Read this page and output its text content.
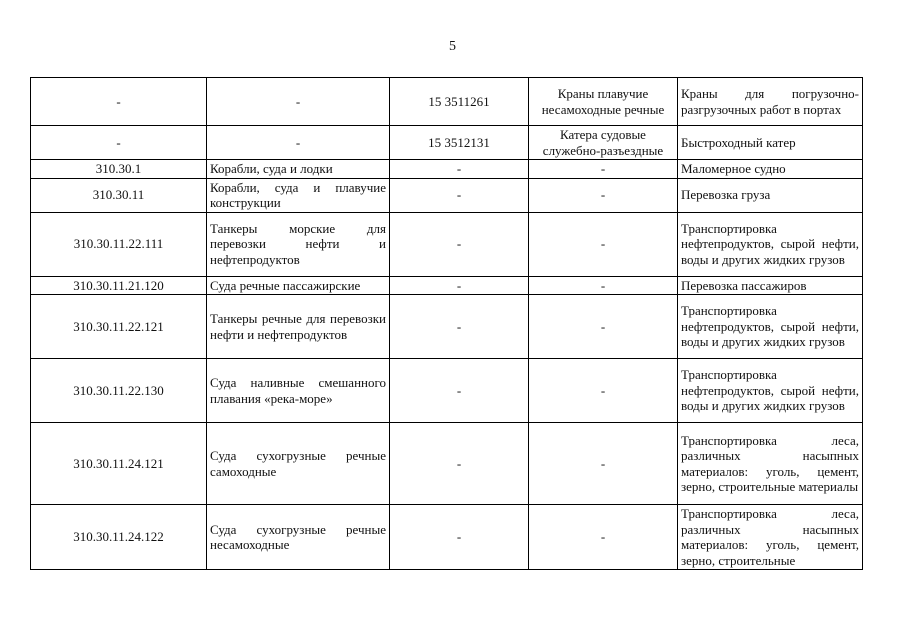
5
-	-	15 3511261	Краны плавучие несамоходные речные	Краны для погрузочно-разгрузочных работ в портах
-	-	15 3512131	Катера судовые служебно-разъездные	Быстроходный катер
310.30.1	Корабли, суда и лодки	-	-	Маломерное судно
310.30.11	Корабли, суда и плавучие конструкции	-	-	Перевозка груза
310.30.11.22.111	Танкеры морские для перевозки нефти и нефтепродуктов	-	-	Транспортировка нефтепродуктов, сырой нефти, воды и других жидких грузов
310.30.11.21.120	Суда речные пассажирские	-	-	Перевозка пассажиров
310.30.11.22.121	Танкеры речные для перевозки нефти и нефтепродуктов	-	-	Транспортировка нефтепродуктов, сырой нефти, воды и других жидких грузов
310.30.11.22.130	Суда наливные смешанного плавания «река-море»	-	-	Транспортировка нефтепродуктов, сырой нефти, воды и других жидких грузов
310.30.11.24.121	Суда сухогрузные речные самоходные	-	-	Транспортировка леса, различных насыпных материалов: уголь, цемент, зерно, строительные материалы
310.30.11.24.122	Суда сухогрузные речные несамоходные	-	-	Транспортировка леса, различных насыпных материалов: уголь, цемент, зерно, строительные
